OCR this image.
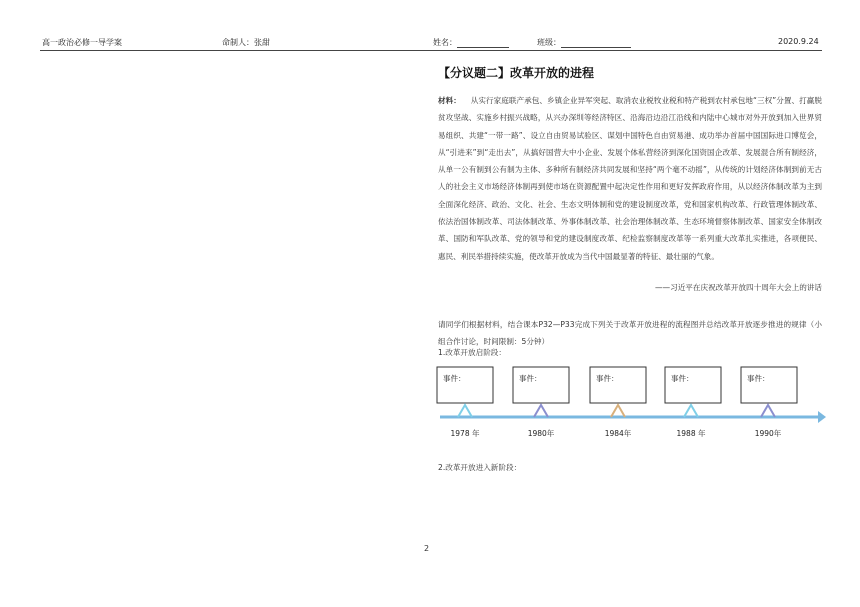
高一政治必修一导学案	命制人：张甜	姓名：	班级：	2020.9.24
【分议题二】改革开放的进程
材料： 从实行家庭联产承包、乡镇企业异军突起、取消农业税牧业税和特产税到农村承包地“三权”分置、打赢脱贫攻坚战、实施乡村振兴战略，从兴办深圳等经济特区、沿海沿边沿江沿线和内陆中心城市对外开放到加入世界贸易组织、共建“一带一路”、设立自由贸易试验区、谋划中国特色自由贸易港、成功举办首届中国国际进口博览会，从“引进来”到“走出去”，从搞好国营大中小企业、发展个体私营经济到深化国资国企改革、发展混合所有制经济，从单一公有制到公有制为主体、多种所有制经济共同发展和坚持“两个毫不动摇”，从传统的计划经济体制到前无古人的社会主义市场经济体制再到使市场在资源配置中起决定性作用和更好发挥政府作用，从以经济体制改革为主到全面深化经济、政治、文化、社会、生态文明体制和党的建设制度改革，党和国家机构改革、行政管理体制改革、依法治国体制改革、司法体制改革、外事体制改革、社会治理体制改革、生态环境督察体制改革、国家安全体制改革、国防和军队改革、党的领导和党的建设制度改革、纪检监察制度改革等一系列重大改革扎实推进，各项便民、惠民、利民举措持续实施，使改革开放成为当代中国最显著的特征、最壮丽的气象。
——习近平在庆祝改革开放四十周年大会上的讲话
请同学们根据材料，结合课本P32—P33完成下列关于改革开放进程的流程图并总结改革开放逐步推进的规律（小组合作讨论，时间限制：5分钟）
1.改革开放启阶段：
事件：
1978 年
事件：
1980年
事件：
1984年
事件：
1988 年
事件：
1990年
2.改革开放进入新阶段：
2
